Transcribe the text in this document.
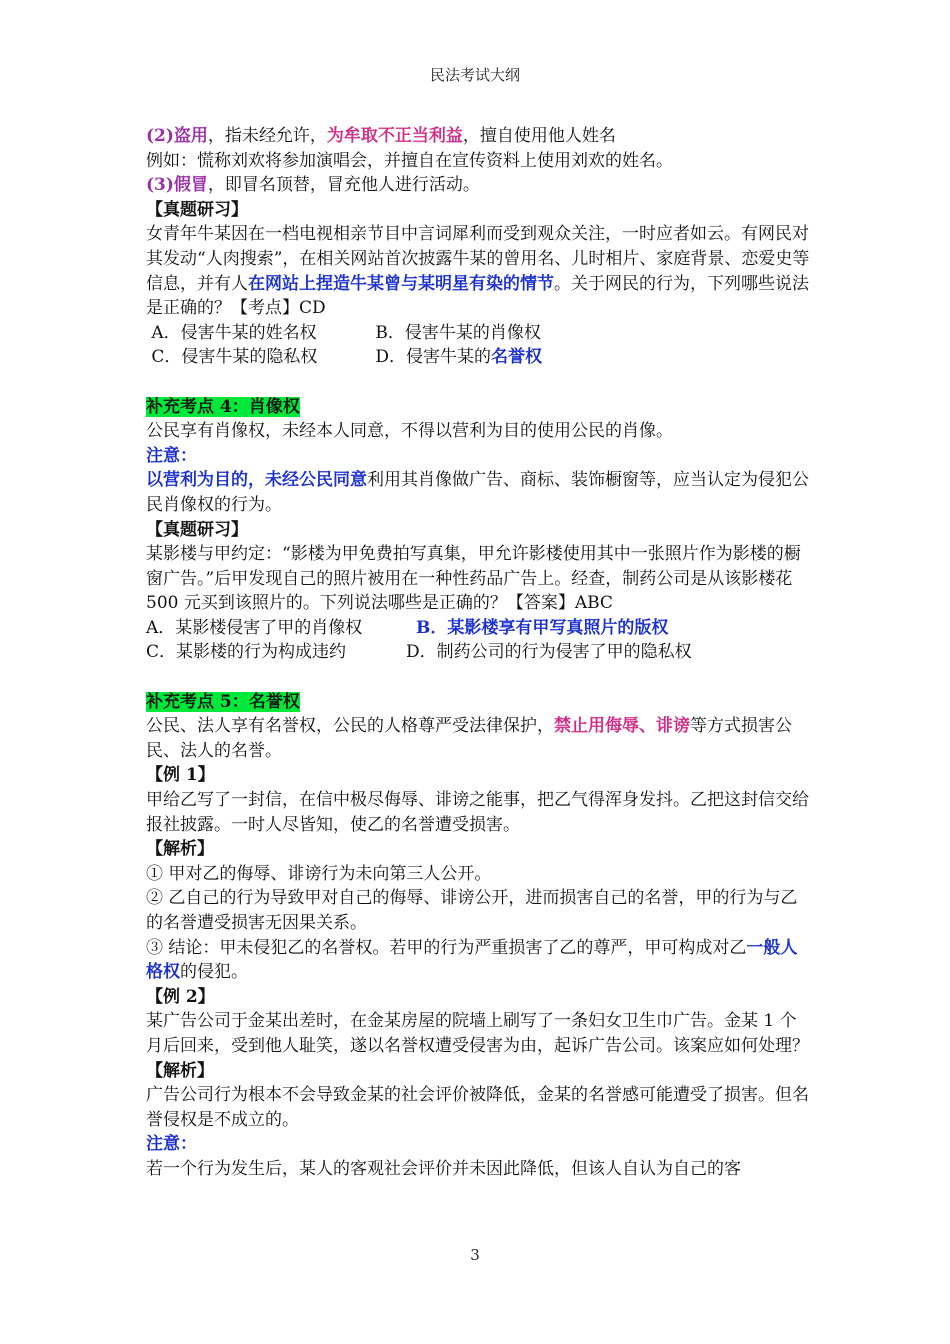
民法考试大纲

(2)盗用，指未经允许，为牟取不正当利益，擅自使用他人姓名

例如：慌称刘欢将参加演唱会，并擅自在宣传资料上使用刘欢的姓名。

(3)假冒，即冒名顶替，冒充他人进行活动。

【真题研习】

女青年牛某因在一档电视相亲节目中言词犀利而受到观众关注，一时应者如云。有网民对其发动“人肉搜索”，在相关网站首次披露牛某的曾用名、儿时相片、家庭背景、恋爱史等信息，并有人在网站上捏造牛某曾与某明星有染的情节。关于网民的行为，下列哪些说法是正确的？【考点】CD

A．侵害牛某的姓名权	B．侵害牛某的肖像权

C．侵害牛某的隐私权	D．侵害牛某的名誉权

补充考点 4：肖像权

公民享有肖像权，未经本人同意，不得以营利为目的使用公民的肖像。

注意：

以营利为目的，未经公民同意利用其肖像做广告、商标、装饰橱窗等，应当认定为侵犯公民肖像权的行为。

【真题研习】

某影楼与甲约定：“影楼为甲免费拍写真集，甲允许影楼使用其中一张照片作为影楼的橱窗广告。”后甲发现自己的照片被用在一种性药品广告上。经查，制药公司是从该影楼花 500 元买到该照片的。下列说法哪些是正确的？【答案】ABC

A．某影楼侵害了甲的肖像权	B．某影楼享有甲写真照片的版权

C．某影楼的行为构成违约	D．制药公司的行为侵害了甲的隐私权

补充考点 5：名誉权

公民、法人享有名誉权，公民的人格尊严受法律保护，禁止用侮辱、诽谤等方式损害公民、法人的名誉。

【例 1】

甲给乙写了一封信，在信中极尽侮辱、诽谤之能事，把乙气得浑身发抖。乙把这封信交给报社披露。一时人尽皆知，使乙的名誉遭受损害。

【解析】

① 甲对乙的侮辱、诽谤行为未向第三人公开。

② 乙自己的行为导致甲对自己的侮辱、诽谤公开，进而损害自己的名誉，甲的行为与乙的名誉遭受损害无因果关系。

③ 结论：甲未侵犯乙的名誉权。若甲的行为严重损害了乙的尊严，甲可构成对乙一般人格权的侵犯。

【例 2】

某广告公司于金某出差时，在金某房屋的院墙上刷写了一条妇女卫生巾广告。金某 1 个月后回来，受到他人耻笑，遂以名誉权遭受侵害为由，起诉广告公司。该案应如何处理？

【解析】

广告公司行为根本不会导致金某的社会评价被降低，金某的名誉感可能遭受了损害。但名誉侵权是不成立的。

注意：

若一个行为发生后，某人的客观社会评价并未因此降低，但该人自认为自己的客

3
